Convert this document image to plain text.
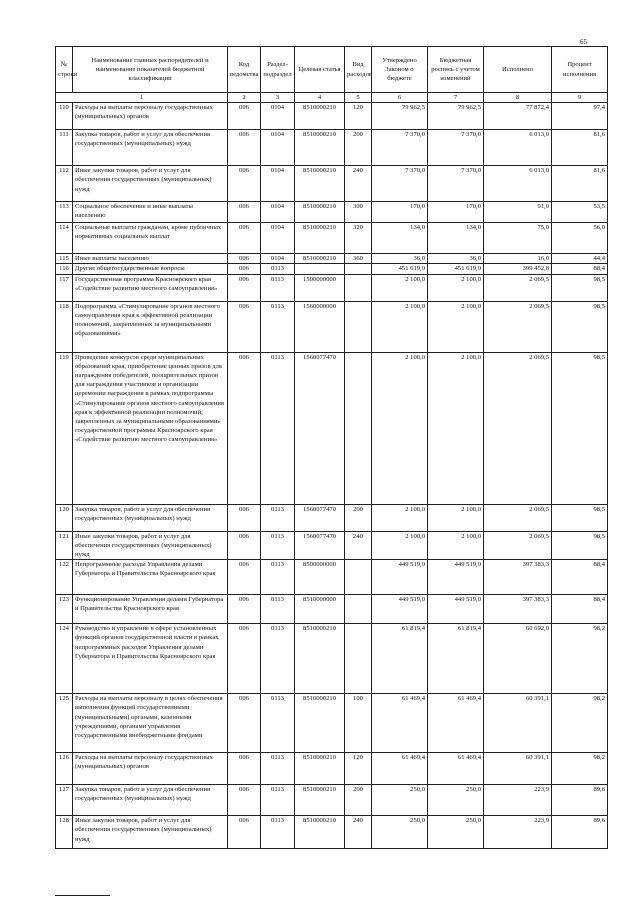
65
№ строки	Наименование главных распорядителей и наименование показателей бюджетной классификации	Код ведомства	Раздел-подраздел	Целевая статья	Вид расходов	Утверждено Законом о бюджете	Бюджетная роспись с учетом изменений	Исполнено	Процент исполнения
1		2	3	4	5	6	7	8	9
110	Расходы на выплаты персоналу государственных (муниципальных) органов	006	0104	8510000210	120	79 962,5	79 962,5	77 872,4	97,4
111	Закупка товаров, работ и услуг для обеспечения государственных (муниципальных) нужд	006	0104	8510000210	200	7 370,0	7 370,0	6 013,0	81,6
112	Иные закупки товаров, работ и услуг для обеспечения государственных (муниципальных) нужд	006	0104	8510000210	240	7 370,0	7 370,0	6 013,0	81,6
113	Социальное обеспечение и иные выплаты населению	006	0104	8510000210	300	170,0	170,0	91,0	53,5
114	Социальные выплаты гражданам, кроме публичных нормативных социальных выплат	006	0104	8510000210	320	134,0	134,0	75,0	56,0
115	Иные выплаты населению	006	0104	8510000210	360	36,0	36,0	16,0	44,4
116	Другие общегосударственные вопросы	006	0113			451 619,0	451 619,0	399 452,8	88,4
117	Государственная программа Красноярского края «Содействие развитию местного самоуправления»	006	0113	1500000000		2 100,0	2 100,0	2 069,5	98,5
118	Подпрограмма «Стимулирование органов местного самоуправления края к эффективной реализации полномочий, закрепленных за муниципальными образованиями»	006	0113	1560000000		2 100,0	2 100,0	2 069,5	98,5
119	Проведение конкурсов среди муниципальных образований края, приобретение ценных призов для награждения победителей, поощрительных призов для награждения участников и организации церемонии награждения в рамках подпрограммы «Стимулирование органов местного самоуправления края к эффективной реализации полномочий, закрепленных за муниципальными образованиями» государственной программы Красноярского края «Содействие развитию местного самоуправления»	006	0113	1560077470		2 100,0	2 100,0	2 069,5	98,5
120	Закупка товаров, работ и услуг для обеспечения государственных (муниципальных) нужд	006	0113	1560077470	200	2 100,0	2 100,0	2 069,5	98,5
121	Иные закупки товаров, работ и услуг для обеспечения государственных (муниципальных) нужд	006	0113	1560077470	240	2 100,0	2 100,0	2 069,5	98,5
122	Непрограммные расходы Управления делами Губернатора и Правительства Красноярского края	006	0113	8500000000		449 519,0	449 519,0	397 383,3	88,4
123	Функционирование Управления делами Губернатора и Правительства Красноярского края	006	0113	8510000000		449 519,0	449 519,0	397 383,3	88,4
124	Руководство и управление в сфере установленных функций органов государственной власти в рамках непрограммных расходов Управления делами Губернатора и Правительства Красноярского края	006	0113	8510000210		61 819,4	61 819,4	60 692,0	98,2
125	Расходы на выплаты персоналу в целях обеспечения выполнения функций государственными (муниципальными) органами, казенными учреждениями, органами управления государственными внебюджетными фондами	006	0113	8510000210	100	61 469,4	61 469,4	60 391,1	98,2
126	Расходы на выплаты персоналу государственных (муниципальных) органов	006	0113	8510000210	120	61 469,4	61 469,4	60 391,1	98,2
127	Закупка товаров, работ и услуг для обеспечения государственных (муниципальных) нужд	006	0113	8510000210	200	250,0	250,0	223,9	89,6
128	Иные закупки товаров, работ и услуг для обеспечения государственных (муниципальных) нужд	006	0113	8510000210	240	250,0	250,0	223,9	89,6
